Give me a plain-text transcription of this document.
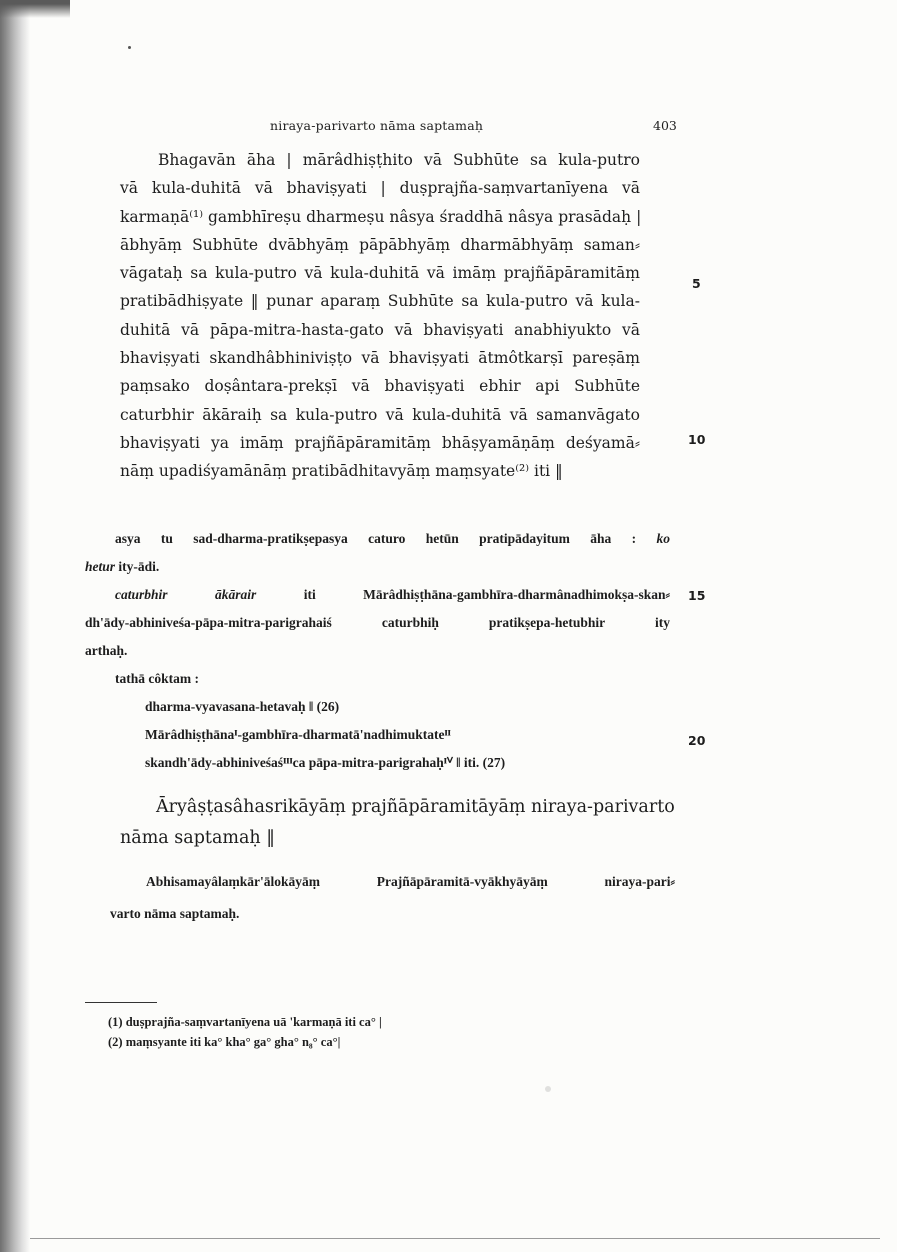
niraya-parivarto nāma saptamaḥ	403
Bhagavān āha | mārâdhiṣṭhito vā Subhūte sa kula-putro
vā kula-duhitā vā bhaviṣyati | duṣprajña-saṃvartanīyena vā
karmaṇā⁽¹⁾ gambhīreṣu dharmeṣu nâsya śraddhā nâsya prasādaḥ |
ābhyāṃ Subhūte dvābhyāṃ pāpābhyāṃ dharmābhyāṃ saman⸗
vāgataḥ sa kula-putro vā kula-duhitā vā imāṃ prajñāpāramitāṃ
pratibādhiṣyate ‖ punar aparaṃ Subhūte sa kula-putro vā kula-
duhitā vā pāpa-mitra-hasta-gato vā bhaviṣyati anabhiyukto vā
bhaviṣyati skandhâbhiniviṣṭo vā bhaviṣyati ātmôtkarṣī pareṣāṃ
paṃsako doṣântara-prekṣī vā bhaviṣyati ebhir api Subhūte
caturbhir ākāraiḥ sa kula-putro vā kula-duhitā vā samanvāgato
bhaviṣyati ya imāṃ prajñāpāramitāṃ bhāṣyamāṇāṃ deśyamā⸗
nāṃ upadiśyamānāṃ pratibādhitavyāṃ maṃsyate⁽²⁾ iti ‖
5
10
15
20
asya tu sad-dharma-pratikṣepasya caturo hetūn pratipādayitum āha : ko
hetur ity-ādi.
caturbhir ākārair	iti Mārâdhiṣṭhāna-gambhīra-dharmânadhimokṣa-skan⸗
dh'ādy-abhiniveśa-pāpa-mitra-parigrahaiś caturbhiḥ pratikṣepa-hetubhir ity
arthaḥ.
tathā côktam :
dharma-vyavasana-hetavaḥ ‖ (26)
Mārâdhiṣṭhānaᴵ-gambhīra-dharmatā'nadhimuktateᴵᴵ
skandh'ādy-abhiniveśaśᴵᴵᴵca pāpa-mitra-parigrahaḥᴵⱽ ‖ iti. (27)
Āryâṣṭasâhasrikāyāṃ prajñāpāramitāyāṃ niraya-parivarto
nāma saptamaḥ ‖
Abhisamayâlaṃkār'ālokāyāṃ Prajñāpāramitā-vyākhyāyāṃ niraya-pari⸗
varto nāma saptamaḥ.
(1) duṣprajña-saṃvartanīyena uā 'karmaṇā iti ca° |
(2) maṃsyante iti ka° kha° ga° gha° n₈° ca°|
